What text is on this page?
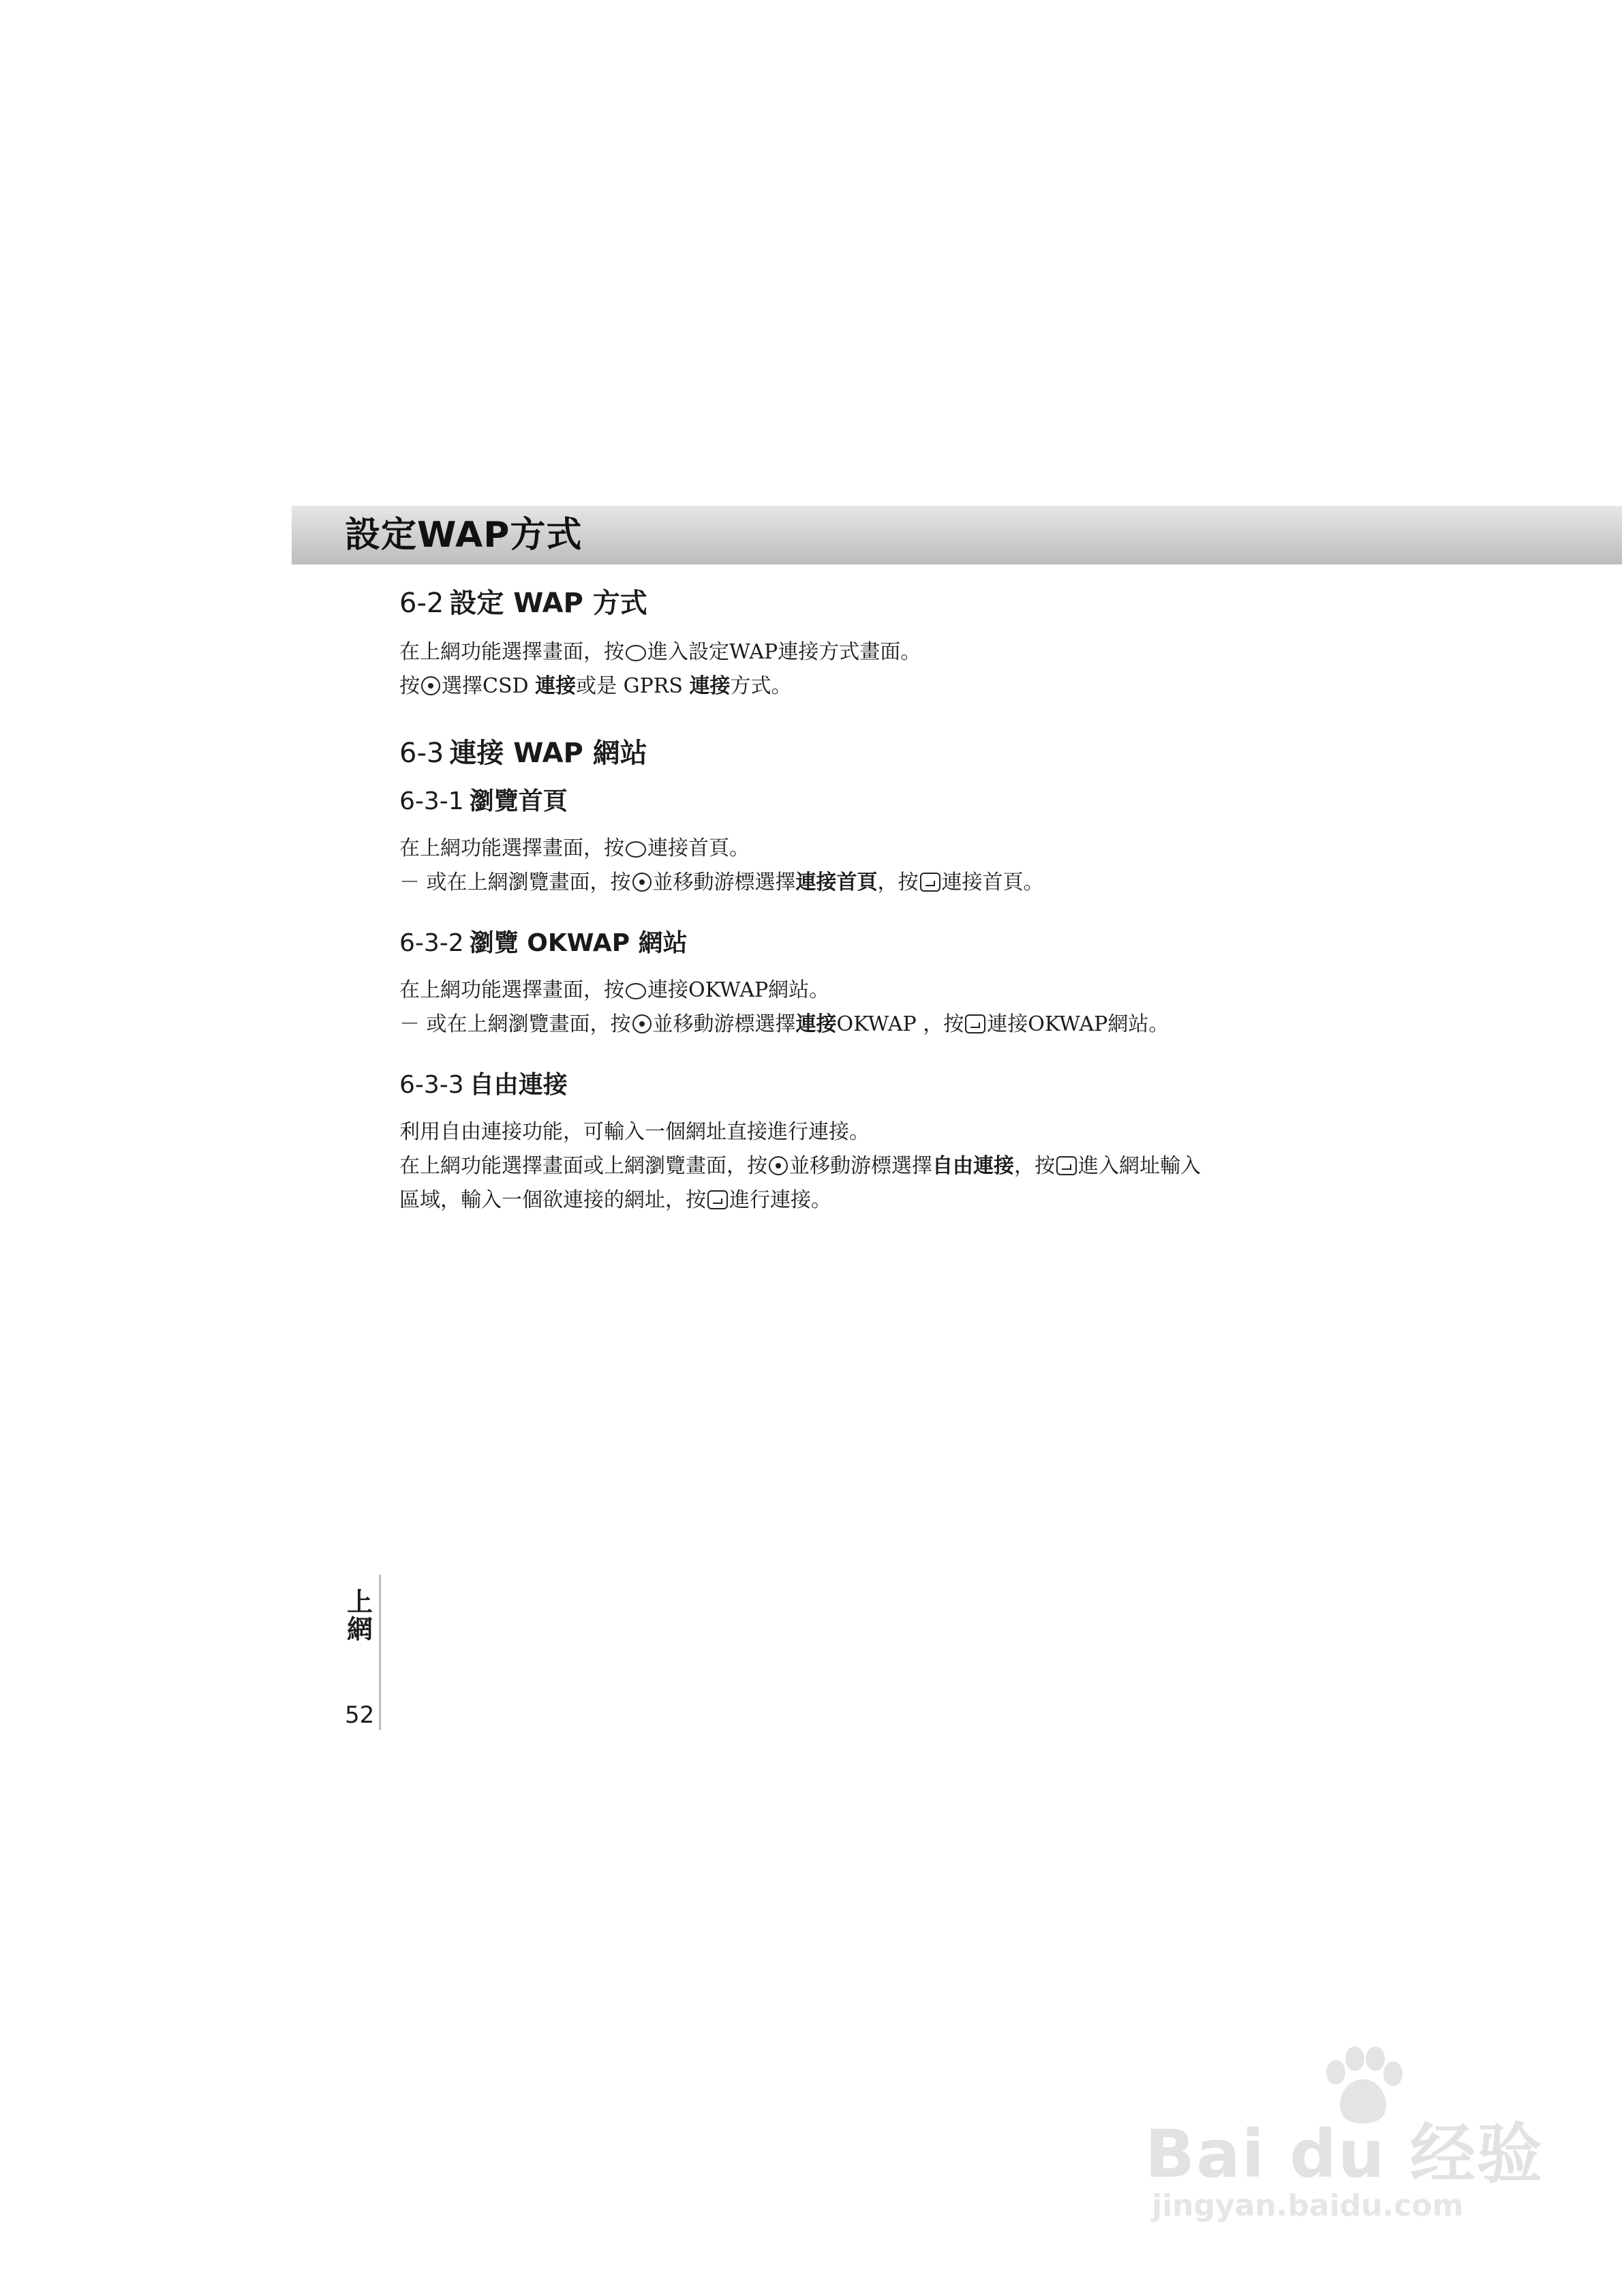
設定WAP方式
6-2 設定 WAP 方式
在上網功能選擇畫面，按 進入設定WAP連接方式畫面。
按 選擇CSD 連接或是 GPRS 連接方式。
6-3 連接 WAP 網站
6-3-1 瀏覽首頁
在上網功能選擇畫面，按 連接首頁。
－ 或在上網瀏覽畫面，按 並移動游標選擇連接首頁，按 連接首頁。
6-3-2 瀏覽 OKWAP 網站
在上網功能選擇畫面，按 連接OKWAP網站。
－ 或在上網瀏覽畫面，按 並移動游標選擇連接OKWAP ，按 連接OKWAP網站。
6-3-3 自由連接
利用自由連接功能，可輸入一個網址直接進行連接。
在上網功能選擇畫面或上網瀏覽畫面，按 並移動游標選擇自由連接，按 進入網址輸入
區域，輸入一個欲連接的網址，按 進行連接。
上
網
52
Bai du 经验
jingyan.baidu.com
